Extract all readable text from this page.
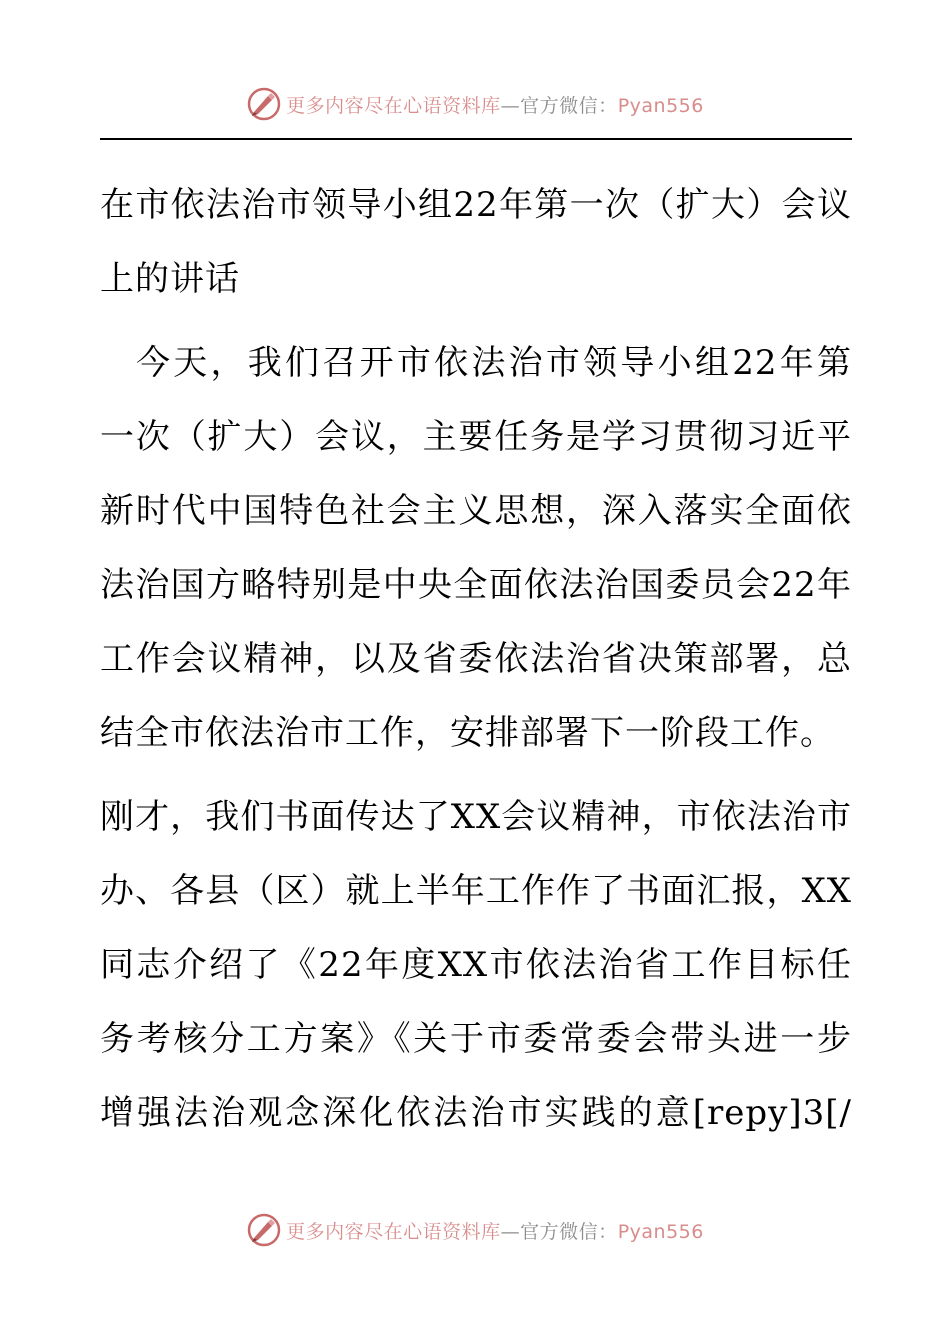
更多内容尽在心语资料库—官方微信：Pyan556
在市依法治市领导小组22年第一次（扩大）会议
上的讲话
今天，我们召开市依法治市领导小组22年第
一次（扩大）会议，主要任务是学习贯彻习近平
新时代中国特色社会主义思想，深入落实全面依
法治国方略特别是中央全面依法治国委员会22年
工作会议精神，以及省委依法治省决策部署，总
结全市依法治市工作，安排部署下一阶段工作。
刚才，我们书面传达了XX会议精神，市依法治市
办、各县（区）就上半年工作作了书面汇报，XX
同志介绍了《22年度XX市依法治省工作目标任
务考核分工方案》《关于市委常委会带头进一步
增强法治观念深化依法治市实践的意[repy]3[/
更多内容尽在心语资料库—官方微信：Pyan556
